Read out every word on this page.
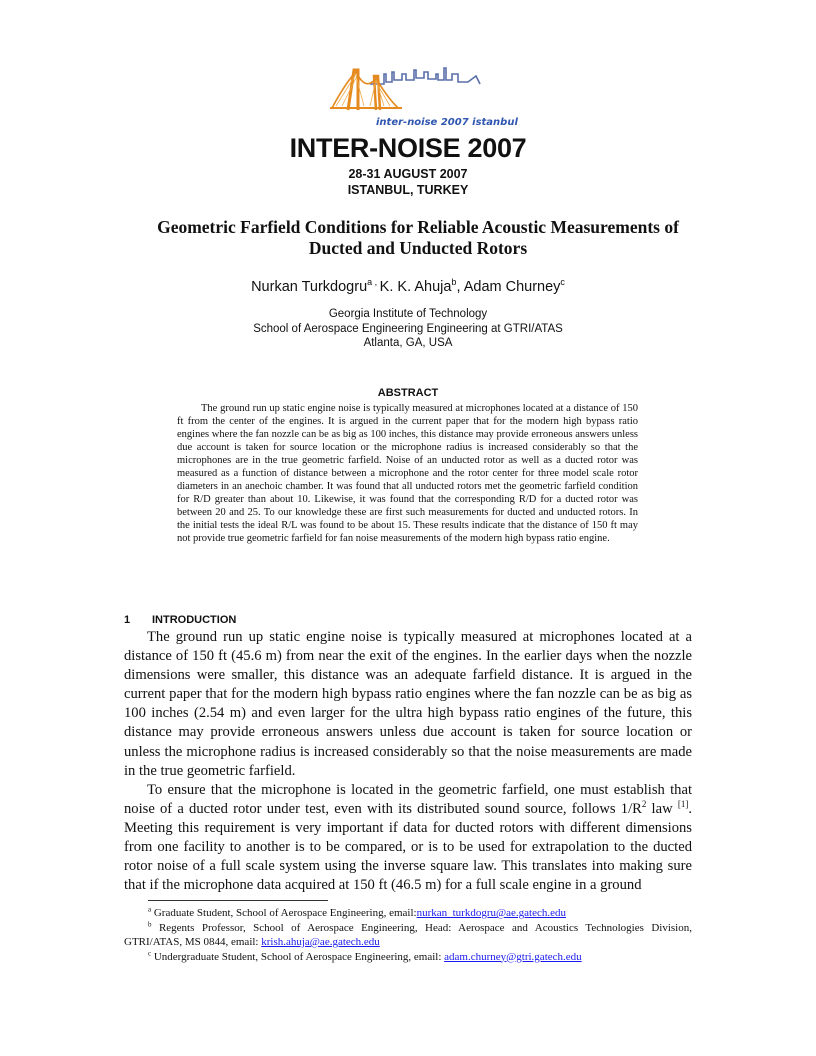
inter-noise 2007 istanbul
INTER-NOISE 2007
28-31 AUGUST 2007
ISTANBUL, TURKEY
Geometric Farfield Conditions for Reliable Acoustic Measurements of
Ducted and Unducted Rotors
Nurkan Turkdogru$^a$ , K. K. Ahuja$^b$, Adam Churney$^c$
Georgia Institute of Technology
School of Aerospace Engineering Engineering at GTRI/ATAS
Atlanta, GA, USA
ABSTRACT

The ground run up static engine noise is typically measured at microphones located at a distance of 150 ft from the center of the engines. It is argued in the current paper that for the modern high bypass ratio engines where the fan nozzle can be as big as 100 inches, this distance may provide erroneous answers unless due account is taken for source location or the microphone radius is increased considerably so that the microphones are in the true geometric farfield. Noise of an unducted rotor as well as a ducted rotor was measured as a function of distance between a microphone and the rotor center for three model scale rotor diameters in an anechoic chamber. It was found that all unducted rotors met the geometric farfield condition for R/D greater than about 10. Likewise, it was found that the corresponding R/D for a ducted rotor was between 20 and 25. To our knowledge these are first such measurements for ducted and unducted rotors. In the initial tests the ideal R/L was found to be about 15. These results indicate that the distance of 150 ft may not provide true geometric farfield for fan noise measurements of the modern high bypass ratio engine.

1 INTRODUCTION

The ground run up static engine noise is typically measured at microphones located at a distance of 150 ft (45.6 m) from near the exit of the engines. In the earlier days when the nozzle dimensions were smaller, this distance was an adequate farfield distance. It is argued in the current paper that for the modern high bypass ratio engines where the fan nozzle can be as big as 100 inches (2.54 m) and even larger for the ultra high bypass ratio engines of the future, this distance may provide erroneous answers unless due account is taken for source location or unless the microphone radius is increased considerably so that the noise measurements are made in the true geometric farfield.

To ensure that the microphone is located in the geometric farfield, one must establish that noise of a ducted rotor under test, even with its distributed sound source, follows $1/R^2$ law [1]. Meeting this requirement is very important if data for ducted rotors with different dimensions from one facility to another is to be compared, or is to be used for extrapolation to the ducted rotor noise of a full scale system using the inverse square law. This translates into making sure that if the microphone data acquired at 150 ft (46.5 m) for a full scale engine in a ground

$^a$ Graduate Student, School of Aerospace Engineering, email:nurkan_turkdogru@ae.gatech.edu

$^b$ Regents Professor, School of Aerospace Engineering, Head: Aerospace and Acoustics Technologies Division, GTRI/ATAS, MS 0844, email: krish.ahuja@ae.gatech.edu

$^c$ Undergraduate Student, School of Aerospace Engineering, email: adam.churney@gtri.gatech.edu
